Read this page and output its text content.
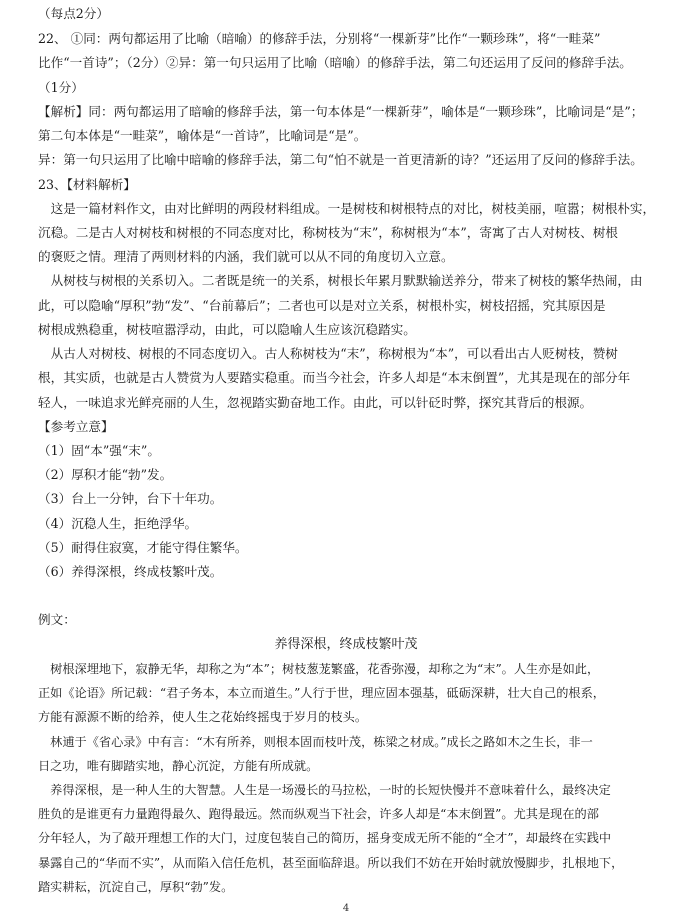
（每点2分）
22、 ①同：两句都运用了比喻（暗喻）的修辞手法，分别将“一棵新芽”比作“一颗珍珠”，将“一畦菜”
比作“一首诗”；（2分）②异：第一句只运用了比喻（暗喻）的修辞手法，第二句还运用了反问的修辞手法。
（1分）
【解析】同：两句都运用了暗喻的修辞手法，第一句本体是“一棵新芽”，喻体是“一颗珍珠”，比喻词是“是”；
第二句本体是“一畦菜”，喻体是“一首诗”，比喻词是“是”。
异：第一句只运用了比喻中暗喻的修辞手法，第二句“怕不就是一首更清新的诗？”还运用了反问的修辞手法。
23、【材料解析】
　这是一篇材料作文，由对比鲜明的两段材料组成。一是树枝和树根特点的对比，树枝美丽，喧嚣；树根朴实，
沉稳。二是古人对树枝和树根的不同态度对比，称树枝为“末”，称树根为“本”，寄寓了古人对树枝、树根
的褒贬之情。理清了两则材料的内涵，我们就可以从不同的角度切入立意。
　从树枝与树根的关系切入。二者既是统一的关系，树根长年累月默默输送养分，带来了树枝的繁华热闹，由
此，可以隐喻“厚积”勃“发”、“台前幕后”；二者也可以是对立关系，树根朴实，树枝招摇，究其原因是
树根成熟稳重，树枝喧嚣浮动，由此，可以隐喻人生应该沉稳踏实。
　从古人对树枝、树根的不同态度切入。古人称树枝为“末”，称树根为“本”，可以看出古人贬树枝，赞树
根，其实质，也就是古人赞赏为人要踏实稳重。而当今社会，许多人却是“本末倒置”，尤其是现在的部分年
轻人，一味追求光鲜亮丽的人生，忽视踏实勤奋地工作。由此，可以针砭时弊，探究其背后的根源。
【参考立意】
（1）固“本”强“末”。
（2）厚积才能“勃”发。
（3）台上一分钟，台下十年功。
（4）沉稳人生，拒绝浮华。
（5）耐得住寂寞，才能守得住繁华。
（6）养得深根，终成枝繁叶茂。
例文：
养得深根，终成枝繁叶茂
　树根深埋地下，寂静无华，却称之为“本”；树枝葱茏繁盛，花香弥漫，却称之为“末”。人生亦是如此，
正如《论语》所记载：“君子务本，本立而道生。”人行于世，理应固本强基，砥砺深耕，壮大自己的根系，
方能有源源不断的给养，使人生之花始终摇曳于岁月的枝头。
　林逋于《省心录》中有言：“木有所养，则根本固而枝叶茂，栋梁之材成。”成长之路如木之生长，非一
日之功，唯有脚踏实地，静心沉淀，方能有所成就。
　养得深根，是一种人生的大智慧。人生是一场漫长的马拉松，一时的长短快慢并不意味着什么，最终决定
胜负的是谁更有力量跑得最久、跑得最远。然而纵观当下社会，许多人却是“本末倒置”。尤其是现在的部
分年轻人，为了敲开理想工作的大门，过度包装自己的简历，摇身变成无所不能的“全才”，却最终在实践中
暴露自己的“华而不实”，从而陷入信任危机，甚至面临辞退。所以我们不妨在开始时就放慢脚步，扎根地下，
踏实耕耘，沉淀自己，厚积“勃”发。
4
